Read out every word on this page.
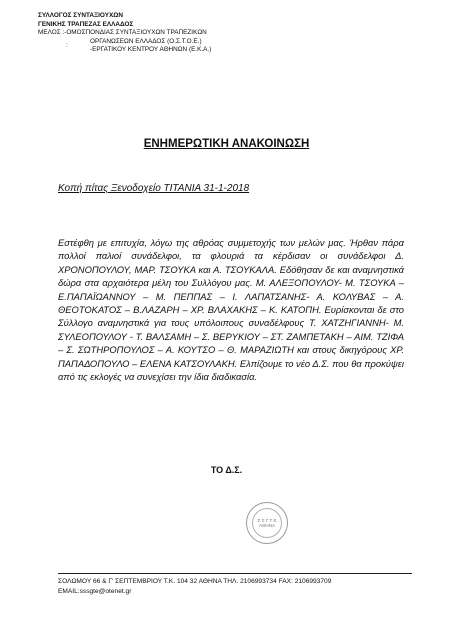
ΣΥΛΛΟΓΟΣ ΣΥΝΤΑΞΙΟΥΧΩΝ
ΓΕΝΙΚΗΣ ΤΡΑΠΕΖΑΣ ΕΛΛΑΔΟΣ
ΜΕΛΟΣ :-ΟΜΟΣΠΟΝΔΙΑΣ ΣΥΝΤΑΞΙΟΥΧΩΝ ΤΡΑΠΕΖΙΚΩΝ
ΟΡΓΑΝΩΣΕΩΝ ΕΛΛΑΔΟΣ (Ο.Σ.Τ.Ο.Ε.)
-ΕΡΓΑΤΙΚΟΥ ΚΕΝΤΡΟΥ ΑΘΗΝΩΝ (Ε.Κ.Α.)
:
ΕΝΗΜΕΡΩΤΙΚΗ ΑΝΑΚΟΙΝΩΣΗ
Κοπή πίτας Ξενοδοχείο ΤΙΤΑΝΙΑ 31-1-2018

Εστέφθη με επιτυχία, λόγω της αθρόας συμμετοχής των μελών μας. Ήρθαν πάρα πολλοί παλιοί συνάδελφοι, τα φλουριά τα κέρδισαν οι συνάδελφοι Δ. ΧΡΟΝΟΠΟΥΛΟΥ, ΜΑΡ. ΤΣΟΥΚΑ και Α. ΤΣΟΥΚΑΛΑ. Εδόθησαν δε και αναμνηστικά δώρα στα αρχαιότερα μέλη του Συλλόγου μας. Μ. ΑΛΕΞΟΠΟΥΛΟΥ- Μ. ΤΣΟΥΚΑ – Ε.ΠΑΠΑΪΩΑΝΝΟΥ – Μ. ΠΕΠΠΑΣ – Ι. ΛΑΠΑΤΣΑΝΗΣ- Α. ΚΟΛΥΒΑΣ – Α. ΘΕΟΤΟΚΑΤΟΣ – Β.ΛΑΖΑΡΗ – ΧΡ. ΒΛΑΧΑΚΗΣ – Κ. ΚΑΤΟΠΗ. Ευρίσκονται δε στο Σύλλογο αναμνηστικά για τους υπόλοιπους συναδέλφους Τ. ΧΑΤΖΗΓΙΑΝΝΗ- Μ. ΣΥΛΕΟΠΟΥΛΟΥ - Τ. ΒΑΛΣΑΜΗ – Σ. ΒΕΡΥΚΙΟΥ – ΣΤ. ΖΑΜΠΕΤΑΚΗ – ΑΙΜ. ΤΖΙΦΑ – Σ. ΣΩΤΗΡΟΠΟΥΛΟΣ – Α. ΚΟΥΤΣΟ – Θ. ΜΑΡΑΖΙΩΤΗ και στους δικηγόρους ΧΡ. ΠΑΠΑΔΟΠΟΥΛΟ – ΕΛΕΝΑ ΚΑΤΣΟΥΛΑΚΗ. Ελπίζουμε το νέο Δ.Σ. που θα προκύψει από τις εκλογές να συνεχίσει την ίδια διαδικασία.

ΤΟ Δ.Σ.
Σ Σ Γ Τ Ε
ΑΘΗΝΑ
ΣΟΛΩΜΟΥ 66 & Γ' ΣΕΠΤΕΜΒΡΙΟΥ Τ.Κ. 104 32 ΑΘΗΝΑ ΤΗΛ. 2106993734 FAX: 2106993709
EMAIL:sssgte@otenet.gr
